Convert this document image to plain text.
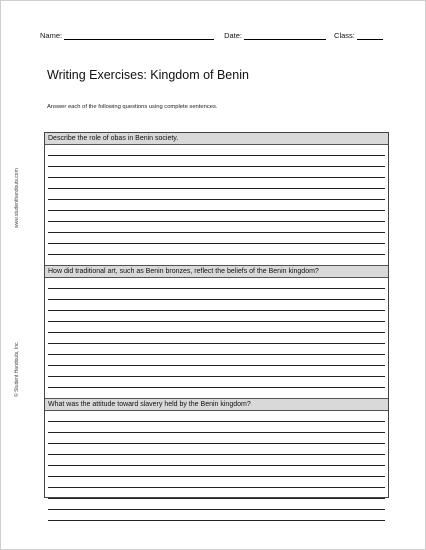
Name:	Date:	Class:
Writing Exercises: Kingdom of Benin
Answer each of the following questions using complete sentences.
www.studenthandouts.com
© Student Handouts, Inc.
Describe the role of obas in Benin society.
How did traditional art, such as Benin bronzes, reflect the beliefs of the Benin kingdom?
What was the attitude toward slavery held by the Benin kingdom?
